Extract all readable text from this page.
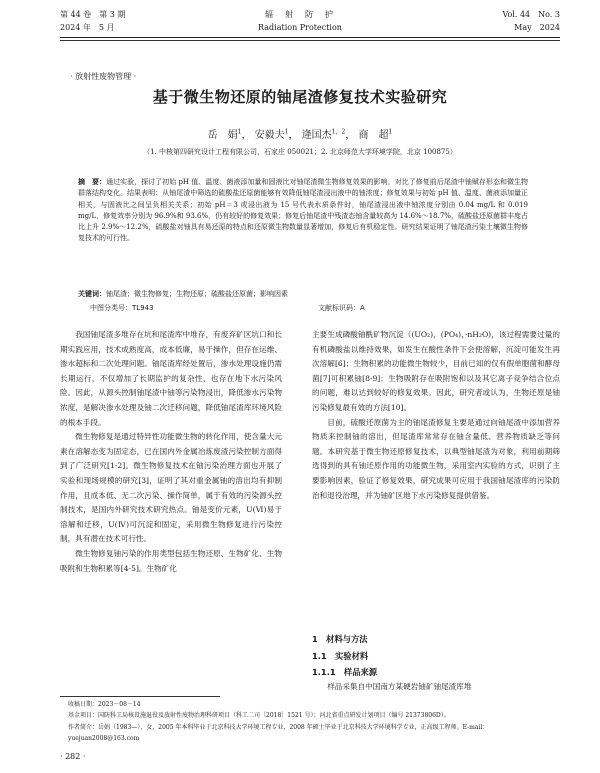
第 44 卷　第 3 期
2024 年　5 月
辐　射　防　护
Radiation Protection
Vol. 44　No. 3
May　2024
· 放射性废物管理 ·
基于微生物还原的铀尾渣修复技术实验研究
岳　娟$^1$， 安毅夫$^1$， 逄国杰$^{1,2}$， 商　超$^1$
（1. 中核第四研究设计工程有限公司，石家庄 050021；2. 北京师范大学环境学院，北京 100875）
摘　要：通过实验，探讨了初始 pH 值、温度、菌液添加量和固液比对铀尾渣微生物修复效果的影响，对比了修复前后尾渣中铀赋存形态和微生物群落结构变化。结果表明：从铀尾渣中筛选的硫酸盐还原菌能够有效降低铀尾渣浸出液中的铀浓度；修复效果与初始 pH 值、温度、菌液添加量正相关，与固液比之间呈负相关关系；初始 pH＝3 或浸出液为 15 号代表水质条件时，铀尾渣浸出液中铀浓度分别由 0.04 mg/L 和 0.019 mg/L，修复效率分别为 96.9%和 93.6%，仍有较好的修复效果；修复后铀尾渣中残渣态铀含量较高为 14.6%～18.7%，硫酸盐还原菌群丰度占比上升 2.9%～12.2%，硫酸盐对铀具有易还原的特点和还原微生物数量显著增加，修复后有机稳定性。研究结果证明了铀尾渣污染土壤微生物修复技术的可行性。
关键词：铀尾渣；微生物修复；生物还原；硫酸盐还原菌；影响因素
中图分类号：TL943	文献标识码：A

我国铀尾渣多堆存在坑和尾渣库中堆存，有废弃矿区坑口和长期实践应用，技术成熟度高，成本低廉，易于操作，但存在运维、渗水超标和二次处理问题。铀尾渣库经处置后，渗水处理设施仍需长期运行，不仅增加了长期监护的复杂性，也存在地下水污染风险。因此，从源头控制铀尾渣中铀等污染物浸出，降低渗水污染物浓度，是解决渗水处理及铀二次迁移问题，降低铀尾渣库环境风险的根本手段。

微生物修复是通过特异性功能微生物的转化作用，使含量大元素在溶解态变为固定态，已在国内外金属冶炼废渣污染控制方面得到了广泛研究[1-2]。微生物修复技术在铀污染治理方面也开展了实验和现场规模的研究[3]，证明了其对重金属铀的溶出均有抑制作用，且成本低、无二次污染、操作简单，属于有效的污染源头控制技术，是国内外研究技术研究热点。铀是变价元素，U(Ⅵ)易于溶解和迁移，U(Ⅳ)可沉淀和固定，采用微生物修复进行污染控制，具有潜在技术可行性。

微生物修复铀污染的作用类型包括生物还原、生物矿化、生物吸附和生物积累等[4-5]。生物矿化

主要生成磷酸铀酰矿物沉淀（(UO₂)，(PO₄)，·nH₂O)，该过程需要过量的有机磷酸盐以维持效果，如发生在酸性条件下会使溶解，沉淀可能发生再次溶解[6]；生物积累的功能微生物较少，目前已知的仅有假单胞菌和酵母菌[7]可积累铀[8-9]；生物吸附存在吸附饱和以及其它离子竞争结合位点的问题，难以达到较好的修复效果。因此，研究者或认为，生物还原是铀污染修复最有效的方法[10]。

目前，硫酸还原菌为主的铀尾渣修复主要是通过向铀尾渣中添加营养物质来控制铀的溶出，但尾渣库常常存在铀含量低、营养物质缺乏等问题。本研究基于微生物还原修复技术，以典型铀尾渣为对象，利用前期筛选得到的具有铀还原作用的功能微生物，采用室内实验的方式，识别了主要影响因素，验证了修复效果，研究成果可应用于我国铀尾渣库的污染防治和退役治理，并为铀矿区地下水污染修复提供借鉴。

1　材料与方法
1.1　实验材料
1.1.1　样品来源

样品采集自中国南方某硬岩铀矿铀尾渣库堆

收稿日期：2023－08－14
基金项目：国防科工局核设施退役及放射性废物治理科研项目（科工二司〔2018〕1521 号）；河北省重点研发计划项目（编号 21373806D）。
作者简介：岳娟（1983—），女，2005 年本科毕业于北京科技大学环境工程专业，2008 年硕士毕业于北京科技大学环境科学专业，正高级工程师。E-mail：yuejuan2008@163.com
· 282 ·
